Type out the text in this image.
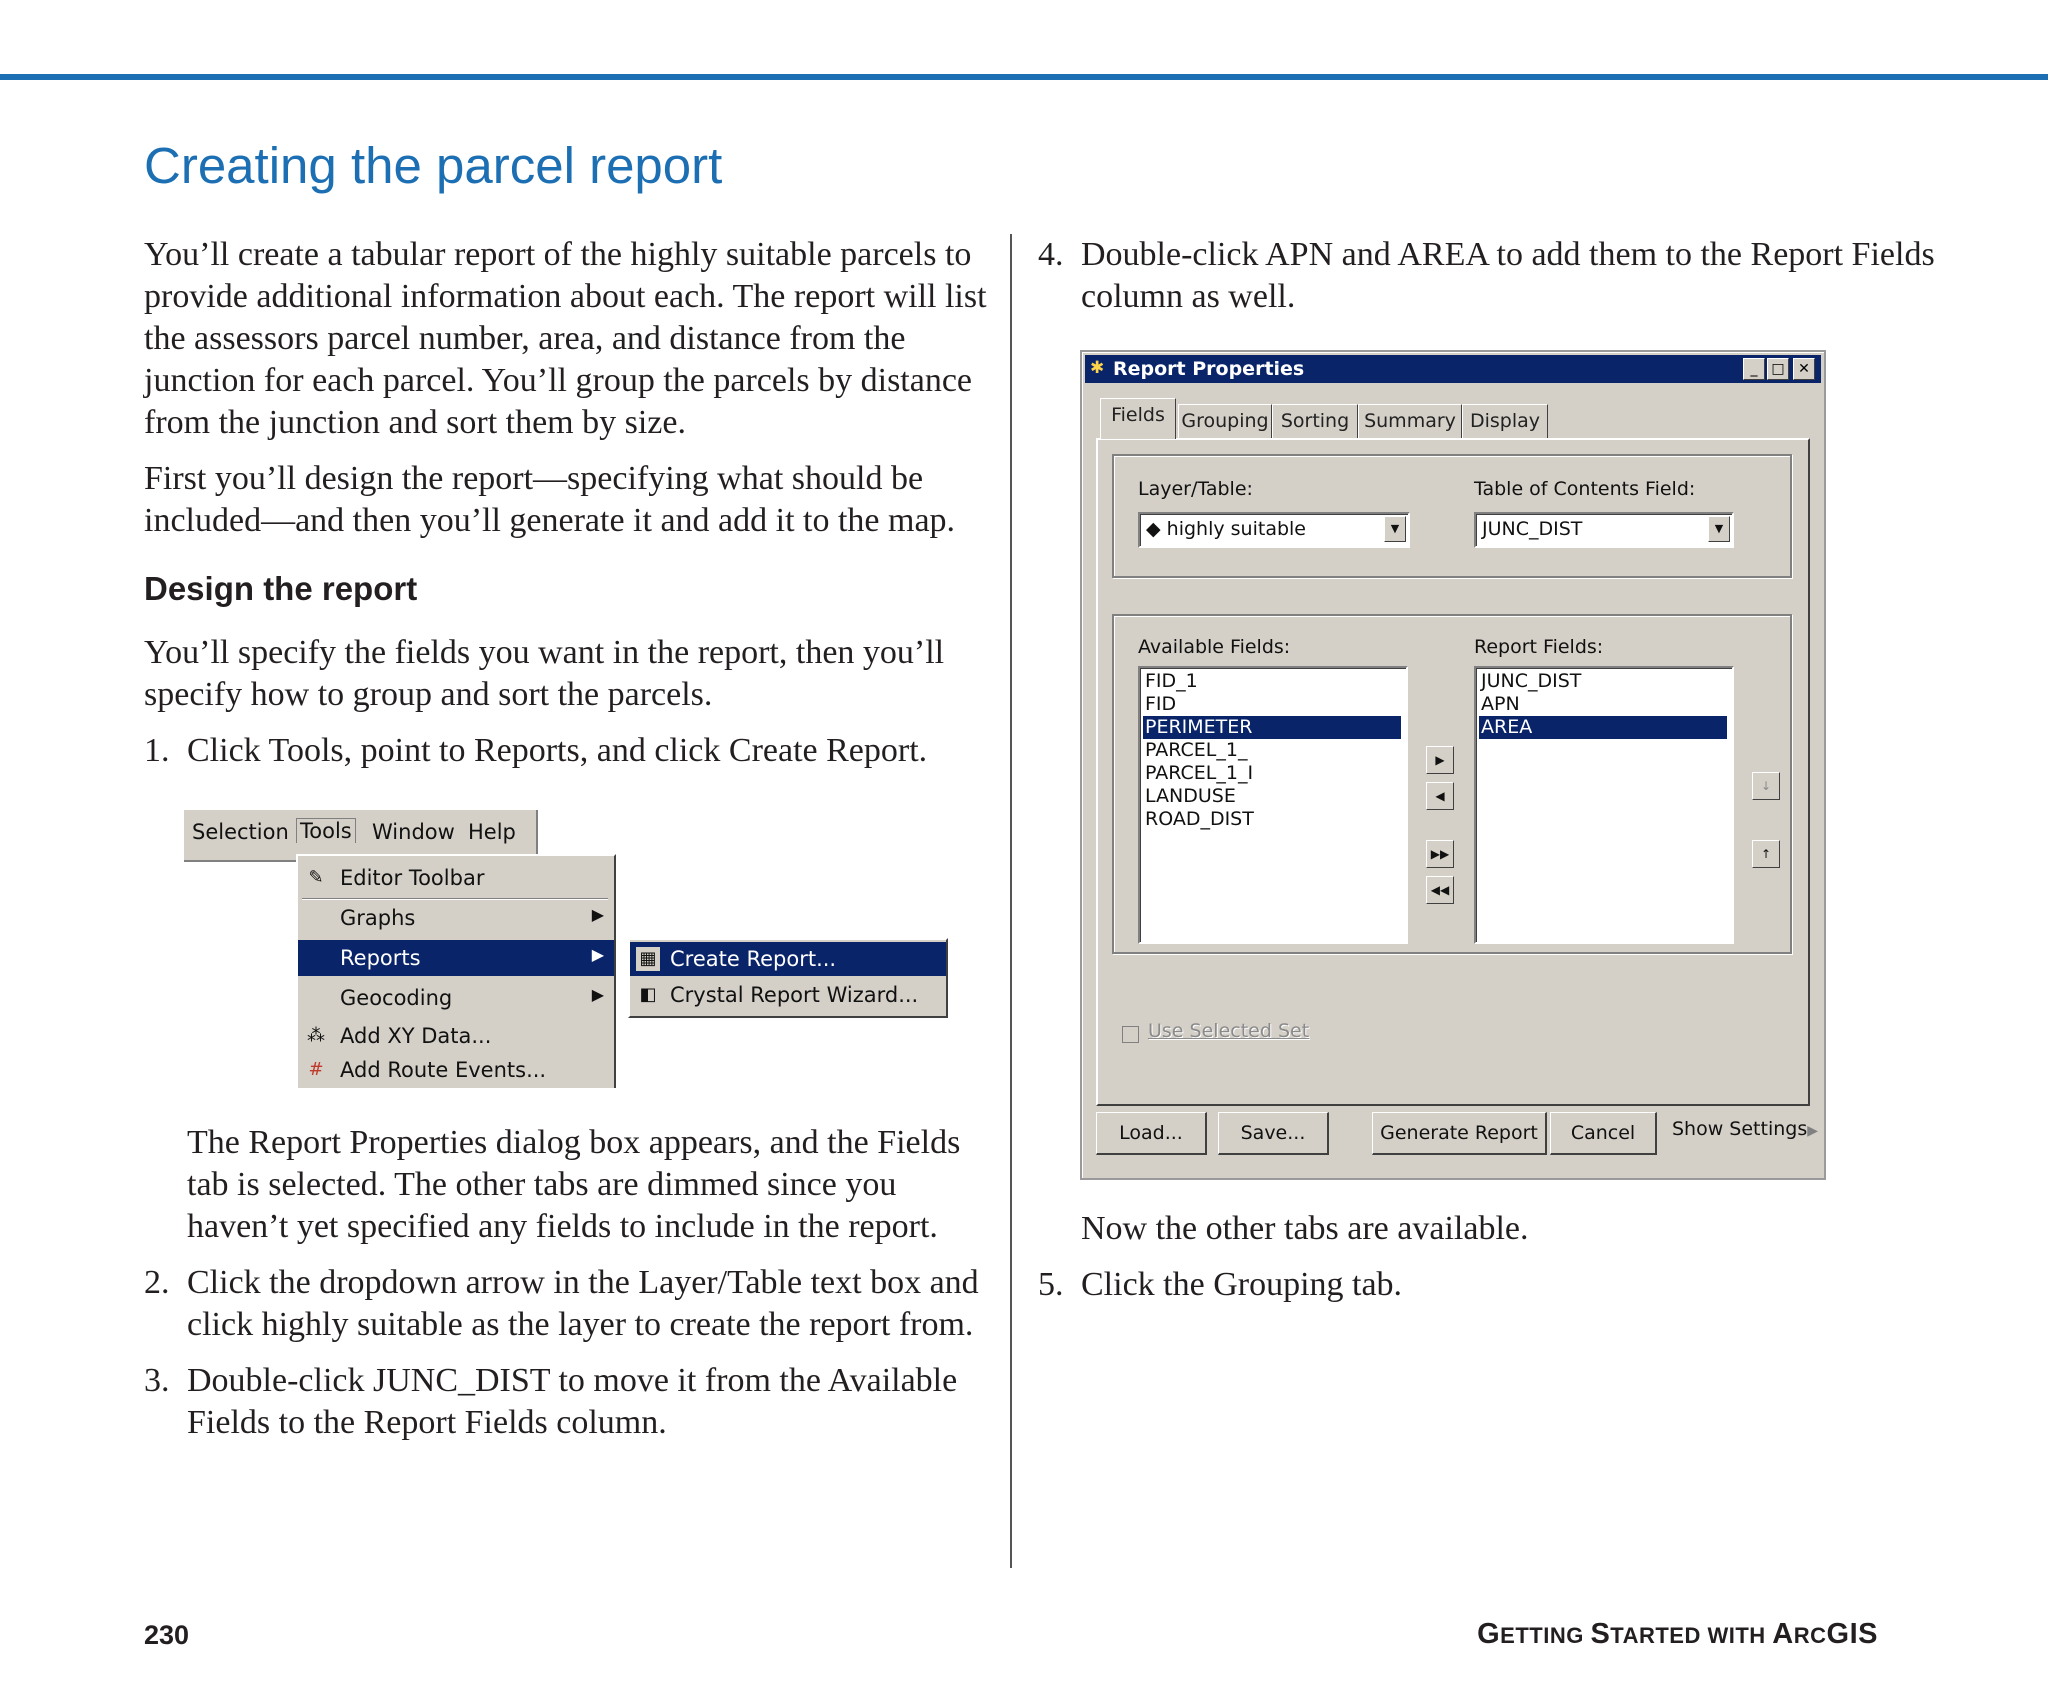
Creating the parcel report

You’ll create a tabular report of the highly suitable parcels to provide additional information about each. The report will list the assessors parcel number, area, and distance from the junction for each parcel. You’ll group the parcels by distance from the junction and sort them by size.

First you’ll design the report—specifying what should be included—and then you’ll generate it and add it to the map.

Design the report

You’ll specify the fields you want in the report, then you’ll specify how to group and sort the parcels.

1. Click Tools, point to Reports, and click Create Report.

The Report Properties dialog box appears, and the Fields tab is selected. The other tabs are dimmed since you haven’t yet specified any fields to include in the report.

2. Click the dropdown arrow in the Layer/Table text box and click highly suitable as the layer to create the report from.

3. Double-click JUNC_DIST to move it from the Available Fields to the Report Fields column.

Selection Tools Window Help
✎ Editor Toolbar
Graphs	▶
Reports	▶
Geocoding	▶
⁂ Add XY Data...
# Add Route Events...
▦ Create Report...
◧ Crystal Report Wizard...

4. Double-click APN and AREA to add them to the Report Fields column as well.

Now the other tabs are available.

5. Click the Grouping tab.

✱ Report Properties	_ □ ✕
Fields Grouping Sorting Summary Display
Layer/Table:
◆ highly suitable	▼
Table of Contents Field:
JUNC_DIST	▼
Available Fields:
FID_1
FID
PERIMETER
PARCEL_1_
PARCEL_1_I
LANDUSE
ROAD_DIST
▶
◀
▶▶
◀◀
Report Fields:
JUNC_DIST
APN
AREA
↓
↑
Use Selected Set
Load...	Save...	Generate Report	Cancel	Show Settings▶
230	GETTING STARTED WITH ARCGIS
